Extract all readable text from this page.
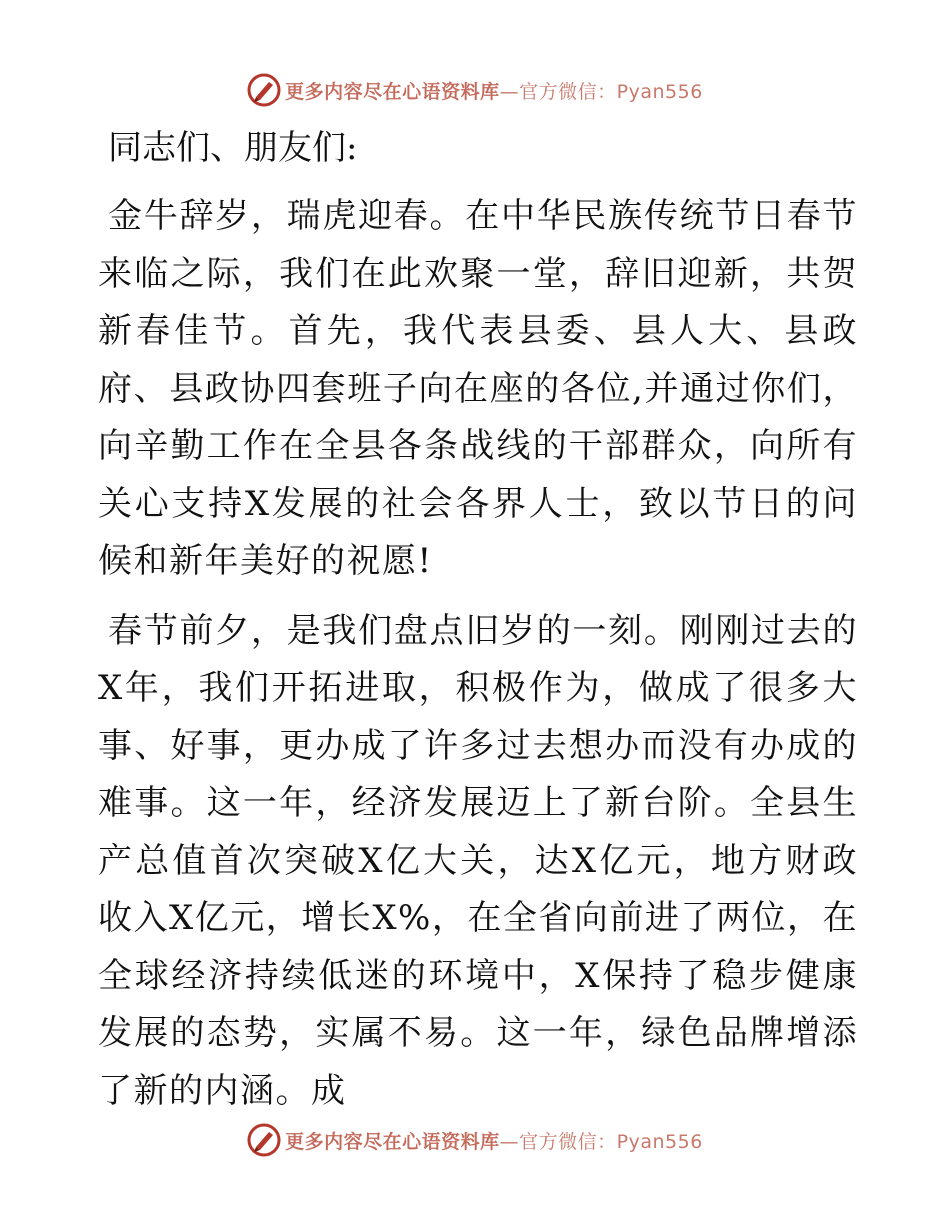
更多内容尽在心语资料库—官方微信：Pyan556
同志们、朋友们:

金牛辞岁，瑞虎迎春。在中华民族传统节日春节来临之际，我们在此欢聚一堂，辞旧迎新，共贺新春佳节。首先，我代表县委、县人大、县政府、县政协四套班子向在座的各位,并通过你们，向辛勤工作在全县各条战线的干部群众，向所有关心支持X发展的社会各界人士，致以节日的问候和新年美好的祝愿!

春节前夕，是我们盘点旧岁的一刻。刚刚过去的X年，我们开拓进取，积极作为，做成了很多大事、好事，更办成了许多过去想办而没有办成的难事。这一年，经济发展迈上了新台阶。全县生产总值首次突破X亿大关，达X亿元，地方财政收入X亿元，增长X%，在全省向前进了两位，在全球经济持续低迷的环境中，X保持了稳步健康发展的态势，实属不易。这一年，绿色品牌增添了新的内涵。成

更多内容尽在心语资料库—官方微信：Pyan556
